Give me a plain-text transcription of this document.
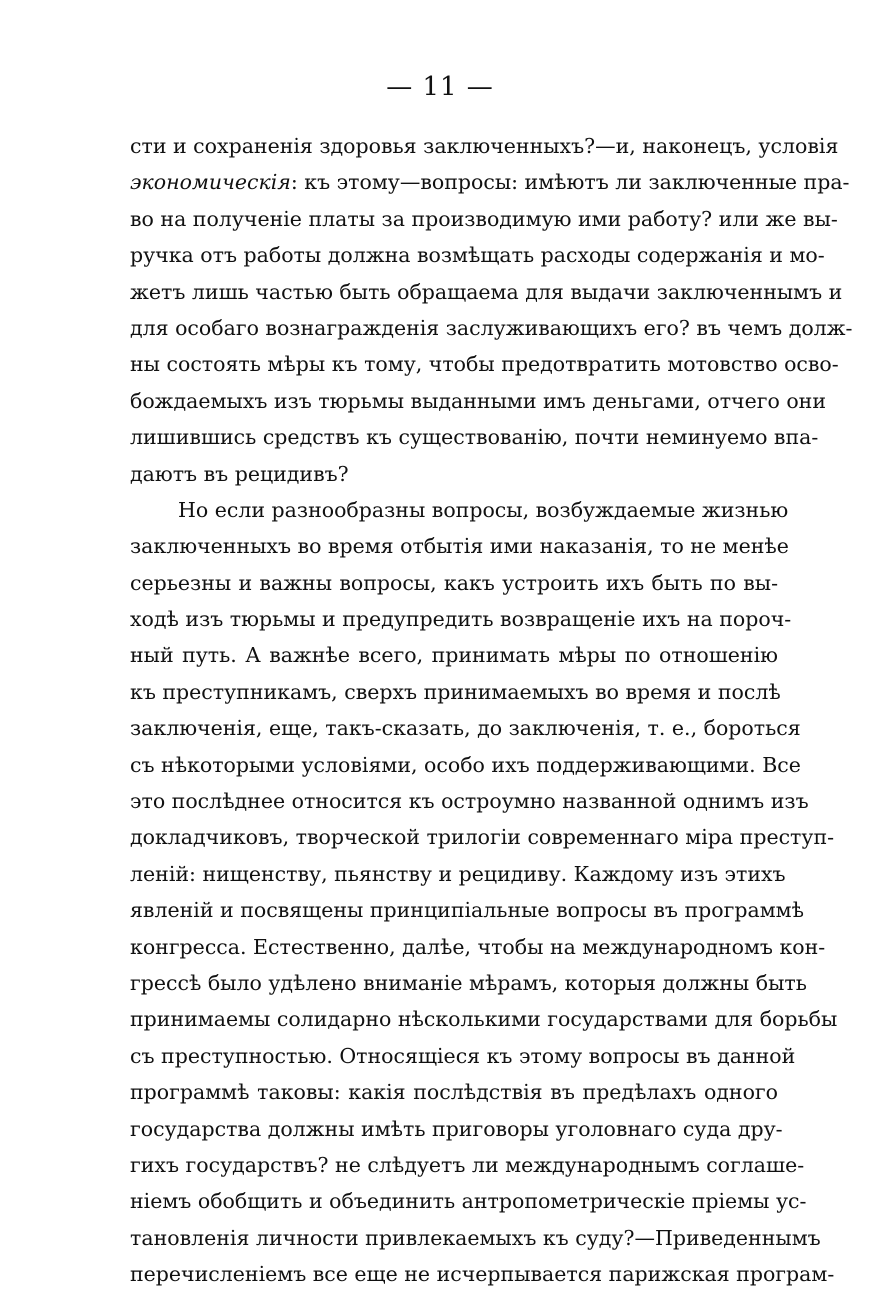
— 11 —
сти и сохраненія здоровья заключенныхъ?—и, наконецъ, условія
экономическія: къ этому—вопросы: имѣютъ ли заключенные пра-
во на полученіе платы за производимую ими работу? или же вы-
ручка отъ работы должна возмѣщать расходы содержанія и мо-
жетъ лишь частью быть обращаема для выдачи заключеннымъ и
для особаго вознагражденія заслуживающихъ его? въ чемъ долж-
ны состоять мѣры къ тому, чтобы предотвратить мотовство осво-
бождаемыхъ изъ тюрьмы выданными имъ деньгами, отчего они
лишившись средствъ къ существованію, почти неминуемо впа-
даютъ въ рецидивъ?
Но если разнообразны вопросы, возбуждаемые жизнью
заключенныхъ во время отбытія ими наказанія, то не менѣе
серьезны и важны вопросы, какъ устроить ихъ быть по вы-
ходѣ изъ тюрьмы и предупредить возвращеніе ихъ на пороч-
ный путь. А важнѣе всего, принимать мѣры по отношенію
къ преступникамъ, сверхъ принимаемыхъ во время и послѣ
заключенія, еще, такъ-сказать, до заключенія, т. е., бороться
съ нѣкоторыми условіями, особо ихъ поддерживающими. Все
это послѣднее относится къ остроумно названной однимъ изъ
докладчиковъ, творческой трилогіи современнаго міра преступ-
леній: нищенству, пьянству и рецидиву. Каждому изъ этихъ
явленій и посвящены принципіальные вопросы въ программѣ
конгресса. Естественно, далѣе, чтобы на международномъ кон-
грессѣ было удѣлено вниманіе мѣрамъ, которыя должны быть
принимаемы солидарно нѣсколькими государствами для борьбы
съ преступностью. Относящіеся къ этому вопросы въ данной
программѣ таковы: какія послѣдствія въ предѣлахъ одного
государства должны имѣть приговоры уголовнаго суда дру-
гихъ государствъ? не слѣдуетъ ли международнымъ соглаше-
ніемъ обобщить и объединить антропометрическіе пріемы ус-
тановленія личности привлекаемыхъ къ суду?—Приведеннымъ
перечисленіемъ все еще не исчерпывается парижская програм-
